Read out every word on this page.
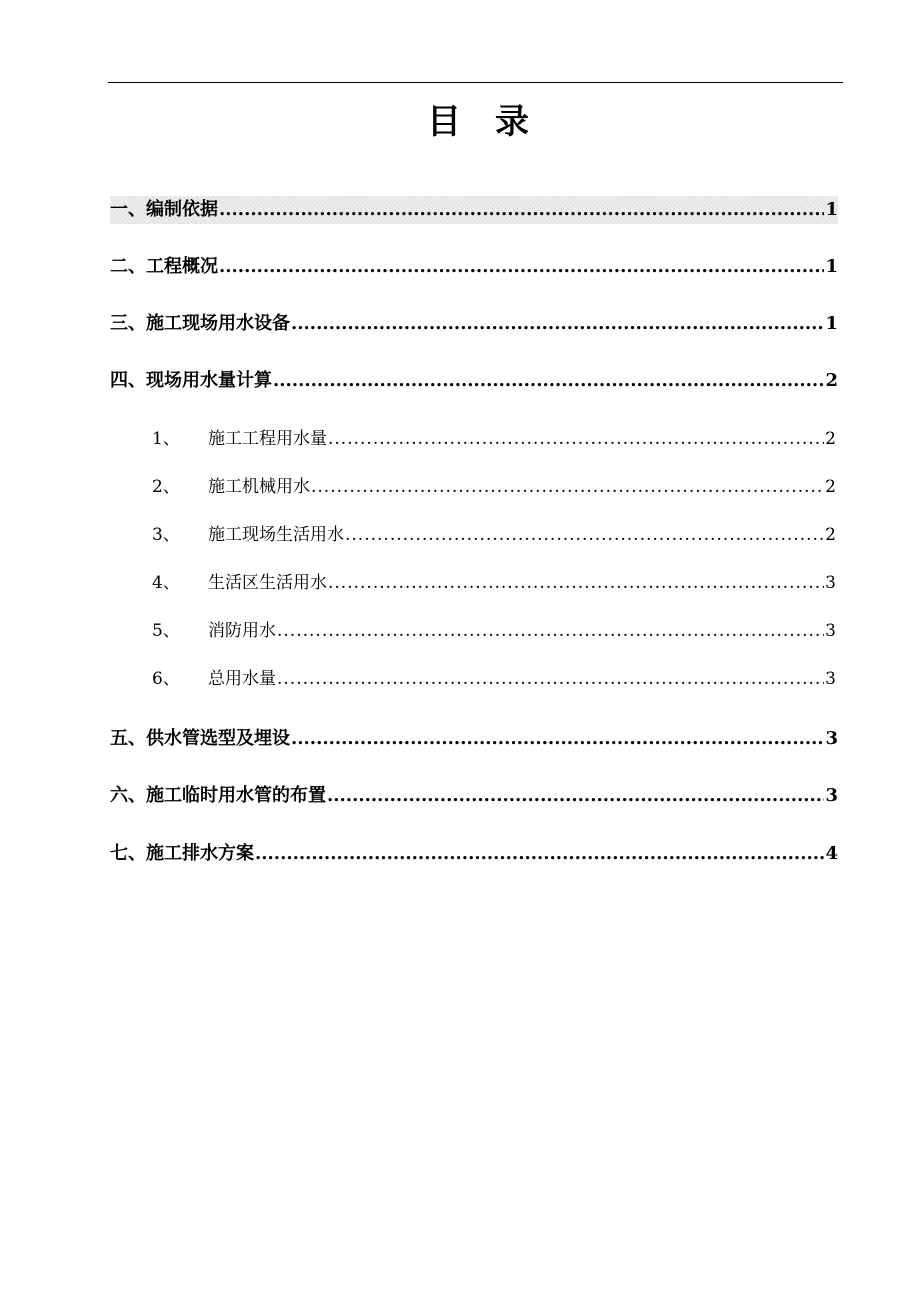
目　录
一、编制依据 .....	1
二、工程概况 .....	1
三、施工现场用水设备 .....	1
四、现场用水量计算 .....	2
1、	施工工程用水量 .....	2
2、	施工机械用水 .....	2
3、	施工现场生活用水 .....	2
4、	生活区生活用水 .....	3
5、	消防用水 .....	3
6、	总用水量 .....	3
五、供水管选型及埋设 .....	3
六、施工临时用水管的布置 .....	3
七、施工排水方案 .....	4
